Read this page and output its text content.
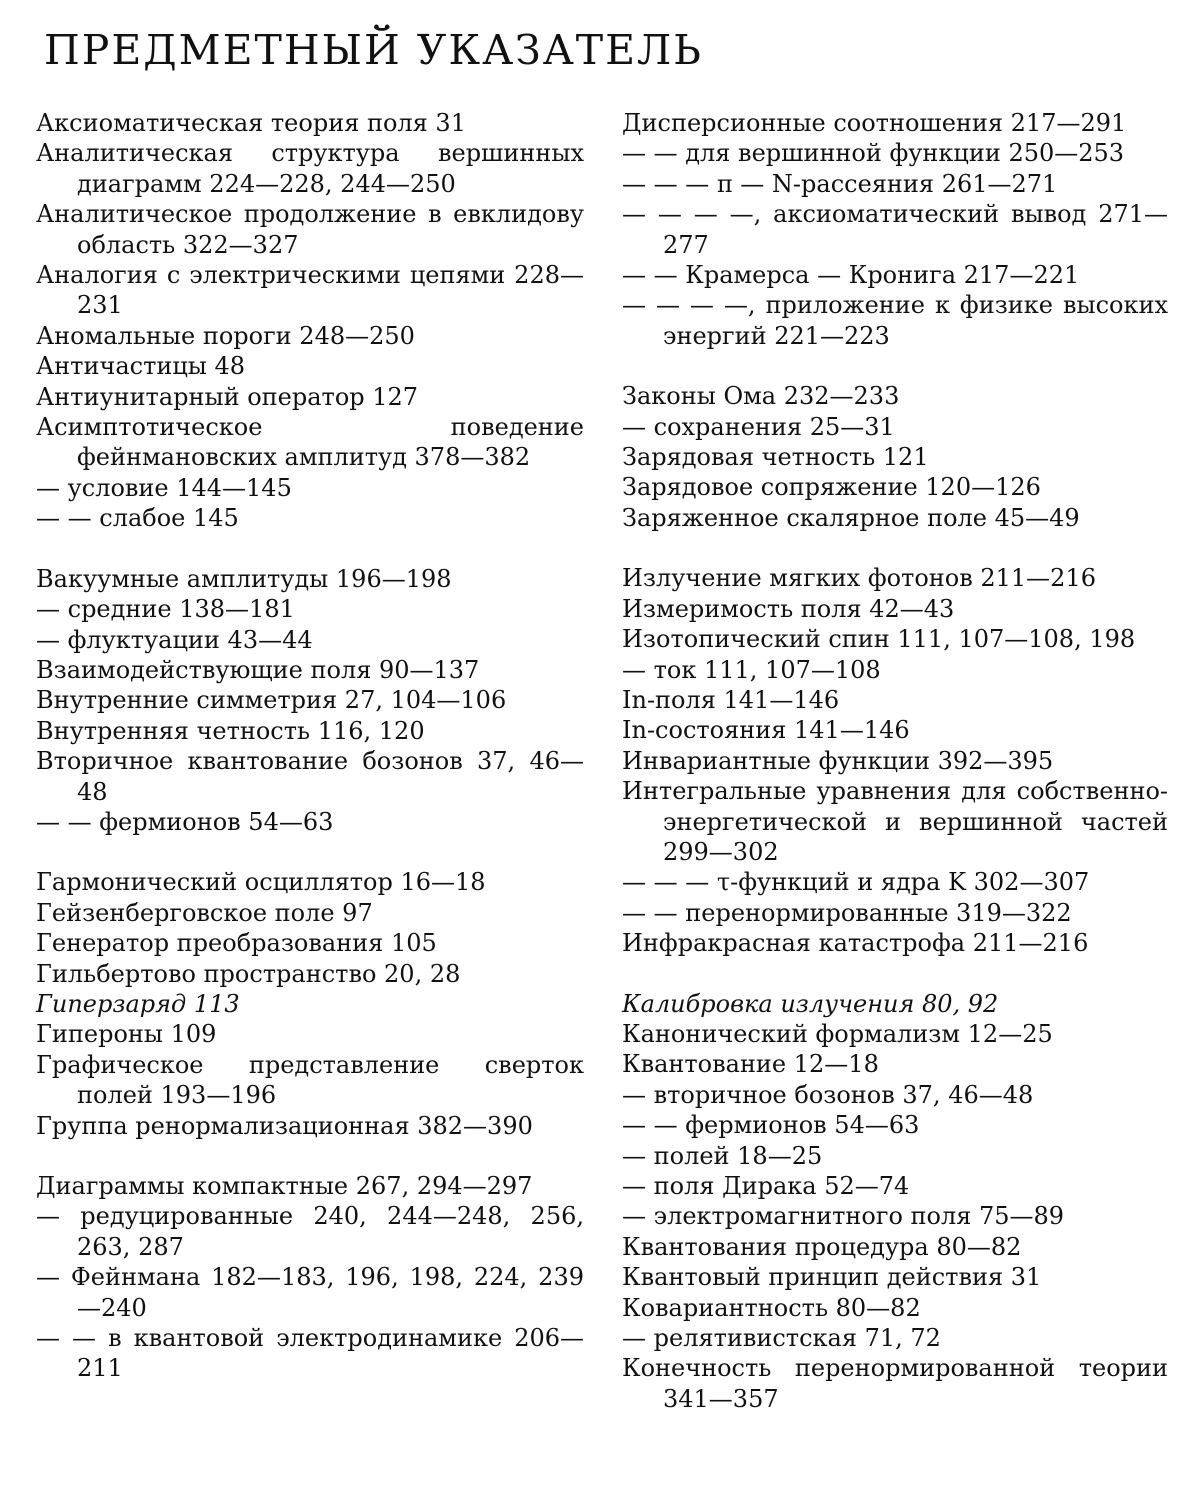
ПРЕДМЕТНЫЙ УКАЗАТЕЛЬ
Аксиоматическая теория поля 31
Аналитическая структура вершинных диаграмм 224—228, 244—250
Аналитическое продолжение в евклидову область 322—327
Аналогия с электрическими цепями 228—231
Аномальные пороги 248—250
Античастицы 48
Антиунитарный оператор 127
Асимптотическое поведение фейнмановских амплитуд 378—382
— условие 144—145
— — слабое 145
Вакуумные амплитуды 196—198
— средние 138—181
— флуктуации 43—44
Взаимодействующие поля 90—137
Внутренние симметрия 27, 104—106
Внутренняя четность 116, 120
Вторичное квантование бозонов 37, 46—48
— — фермионов 54—63
Гармонический осциллятор 16—18
Гейзенберговское поле 97
Генератор преобразования 105
Гильбертово пространство 20, 28
Гиперзаряд 113
Гипероны 109
Графическое представление сверток полей 193—196
Группа ренормализационная 382—390
Диаграммы компактные 267, 294—297
— редуцированные 240, 244—248, 256, 263, 287
— Фейнмана 182—183, 196, 198, 224, 239—240
— — в квантовой электродинамике 206—211
Дисперсионные соотношения 217—291
— — для вершинной функции 250—253
— — — π — N-рассеяния 261—271
— — — —, аксиоматический вывод 271—277
— — Крамерса — Кронига 217—221
— — — —, приложение к физике высоких энергий 221—223
Законы Ома 232—233
— сохранения 25—31
Зарядовая четность 121
Зарядовое сопряжение 120—126
Заряженное скалярное поле 45—49
Излучение мягких фотонов 211—216
Измеримость поля 42—43
Изотопический спин 111, 107—108, 198
— ток 111, 107—108
In-поля 141—146
In-состояния 141—146
Инвариантные функции 392—395
Интегральные уравнения для собственно-энергетической и вершинной частей 299—302
— — — τ-функций и ядра K 302—307
— — перенормированные 319—322
Инфракрасная катастрофа 211—216
Калибровка излучения 80, 92
Канонический формализм 12—25
Квантование 12—18
— вторичное бозонов 37, 46—48
— — фермионов 54—63
— полей 18—25
— поля Дирака 52—74
— электромагнитного поля 75—89
Квантования процедура 80—82
Квантовый принцип действия 31
Ковариантность 80—82
— релятивистская 71, 72
Конечность перенормированной теории 341—357
